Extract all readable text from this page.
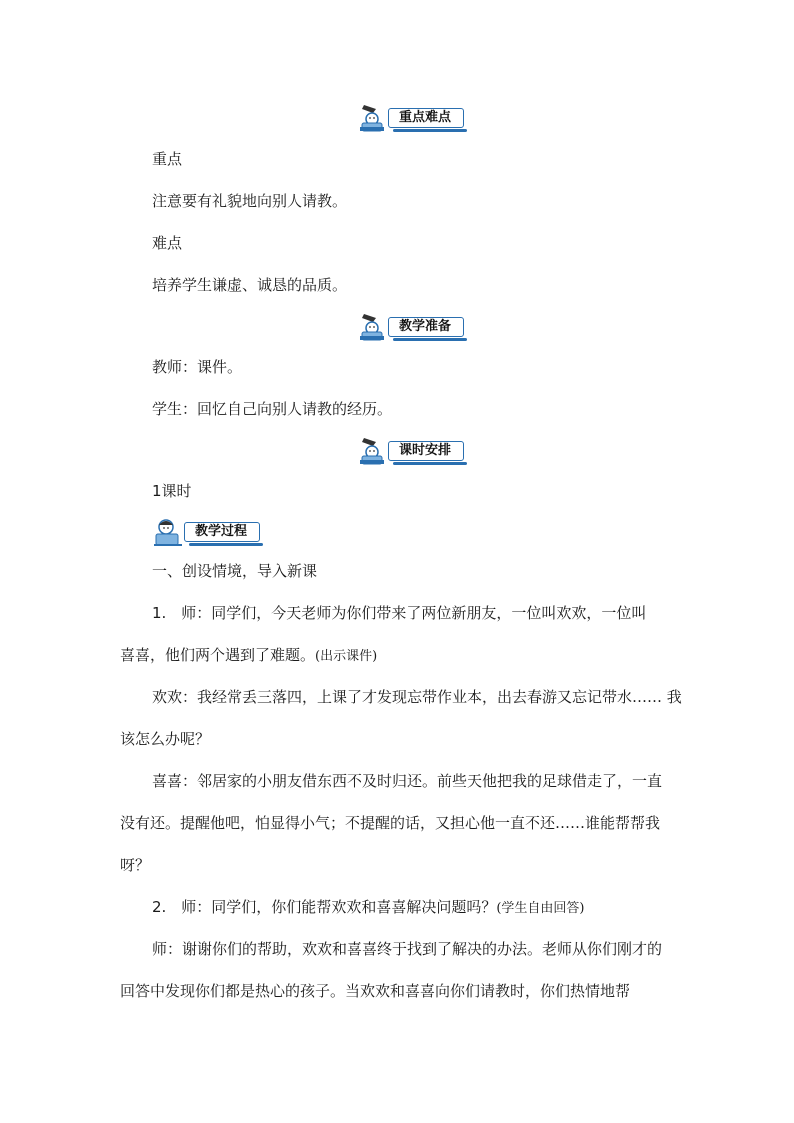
重点难点
重点
注意要有礼貌地向别人请教。
难点
培养学生谦虚、诚恳的品质。
教学准备
教师：课件。
学生：回忆自己向别人请教的经历。
课时安排
1课时
教学过程
一、创设情境，导入新课
1.　师：同学们，今天老师为你们带来了两位新朋友，一位叫欢欢，一位叫
喜喜，他们两个遇到了难题。(出示课件)
欢欢：我经常丢三落四，上课了才发现忘带作业本，出去春游又忘记带水…… 我
该怎么办呢？
喜喜：邻居家的小朋友借东西不及时归还。前些天他把我的足球借走了，一直
没有还。提醒他吧，怕显得小气；不提醒的话，又担心他一直不还……谁能帮帮我
呀？
2.　师：同学们，你们能帮欢欢和喜喜解决问题吗？(学生自由回答)
师：谢谢你们的帮助，欢欢和喜喜终于找到了解决的办法。老师从你们刚才的
回答中发现你们都是热心的孩子。当欢欢和喜喜向你们请教时，你们热情地帮
